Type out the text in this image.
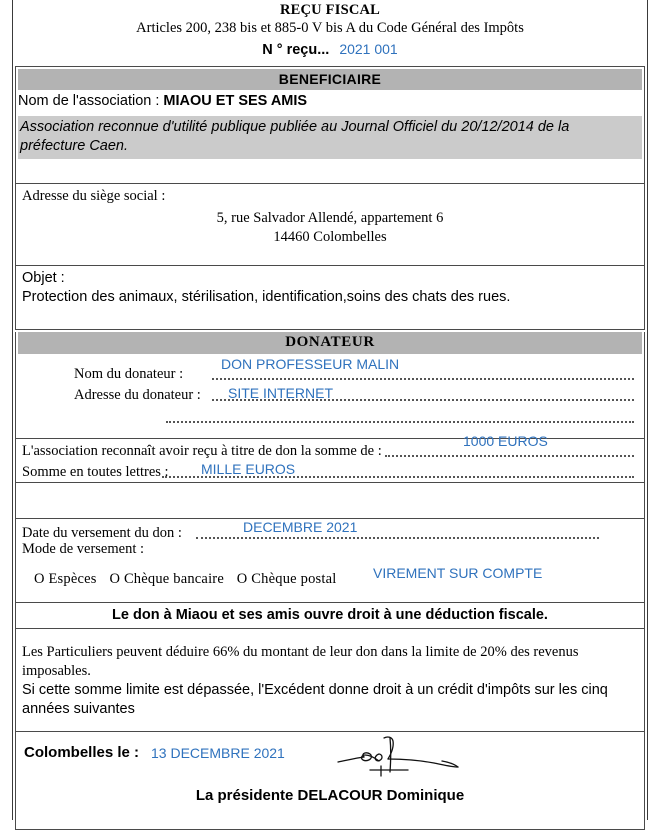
REÇU FISCAL
Articles 200, 238 bis et 885-0 V bis A du Code Général des Impôts
N ° reçu... 2021 001
BENEFICIAIRE
Nom de l'association : MIAOU ET SES AMIS
Association reconnue d'utilité publique publiée au Journal Officiel du 20/12/2014 de la préfecture Caen.
Adresse du siège social :
5, rue Salvador Allendé, appartement 6
14460 Colombelles
Objet :
Protection des animaux, stérilisation, identification,soins des chats des rues.
DONATEUR
Nom du donateur :
DON PROFESSEUR MALIN
Adresse du donateur : SITE INTERNET
L'association reconnaît avoir reçu à titre de don la somme de :
1000 EUROS
Somme en toutes lettres : MILLE EUROS
Date du versement du don :	DECEMBRE 2021
Mode de versement :
O Espèces O Chèque bancaire O Chèque postal	VIREMENT SUR COMPTE
Le don à Miaou et ses amis ouvre droit à une déduction fiscale.
Les Particuliers peuvent déduire 66% du montant de leur don dans la limite de 20% des revenus
imposables.
Si cette somme limite est dépassée, l'Excédent donne droit à un crédit d'impôts sur les cinq
années suivantes
Colombelles le : 13 DECEMBRE 2021
La présidente DELACOUR Dominique
